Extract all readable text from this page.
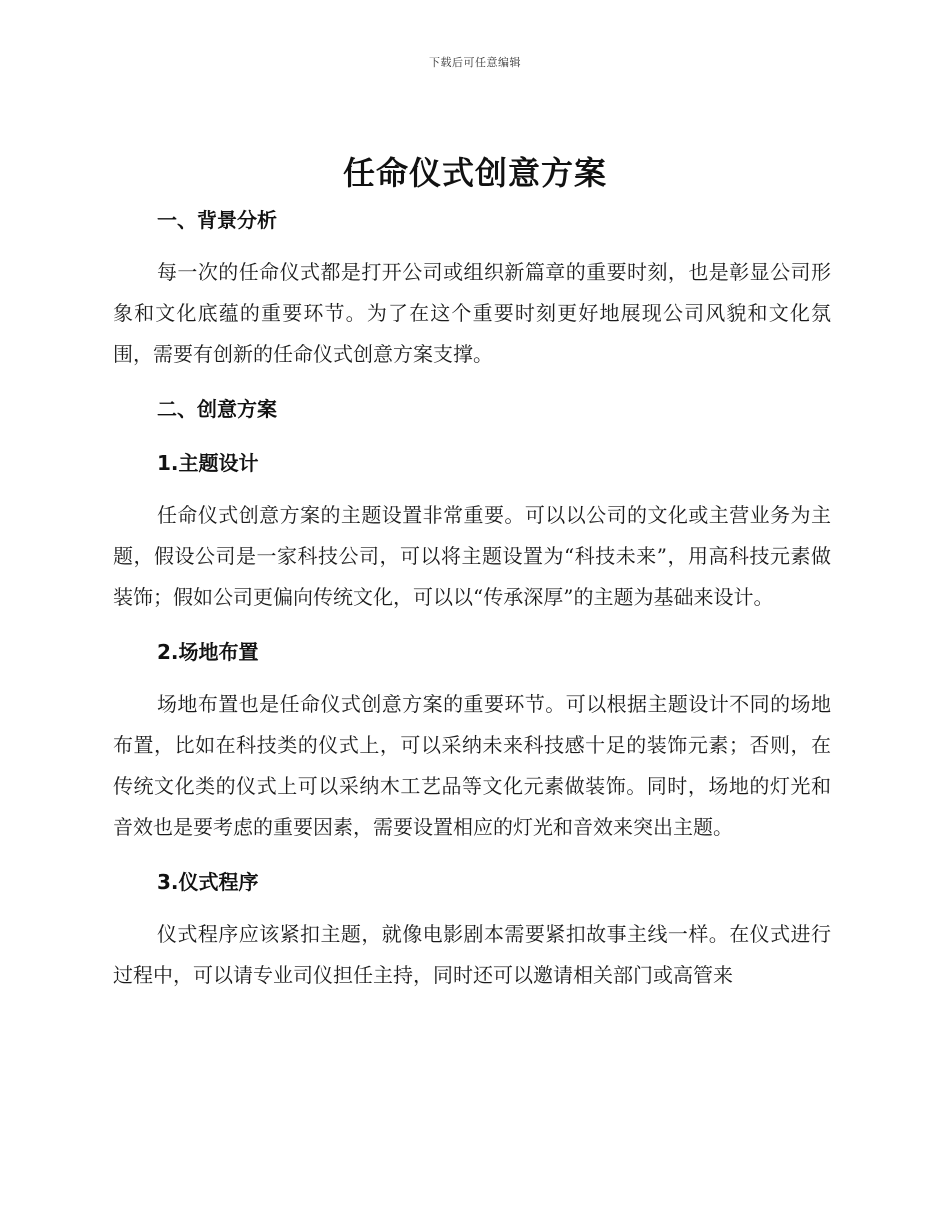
下载后可任意编辑
任命仪式创意方案

一、背景分析

每一次的任命仪式都是打开公司或组织新篇章的重要时刻，也是彰显公司形象和文化底蕴的重要环节。为了在这个重要时刻更好地展现公司风貌和文化氛围，需要有创新的任命仪式创意方案支撑。

二、创意方案

1.主题设计

任命仪式创意方案的主题设置非常重要。可以以公司的文化或主营业务为主题，假设公司是一家科技公司，可以将主题设置为“科技未来”，用高科技元素做装饰；假如公司更偏向传统文化，可以以“传承深厚”的主题为基础来设计。

2.场地布置

场地布置也是任命仪式创意方案的重要环节。可以根据主题设计不同的场地布置，比如在科技类的仪式上，可以采纳未来科技感十足的装饰元素；否则，在传统文化类的仪式上可以采纳木工艺品等文化元素做装饰。同时，场地的灯光和音效也是要考虑的重要因素，需要设置相应的灯光和音效来突出主题。

3.仪式程序

仪式程序应该紧扣主题，就像电影剧本需要紧扣故事主线一样。在仪式进行过程中，可以请专业司仪担任主持，同时还可以邀请相关部门或高管来
